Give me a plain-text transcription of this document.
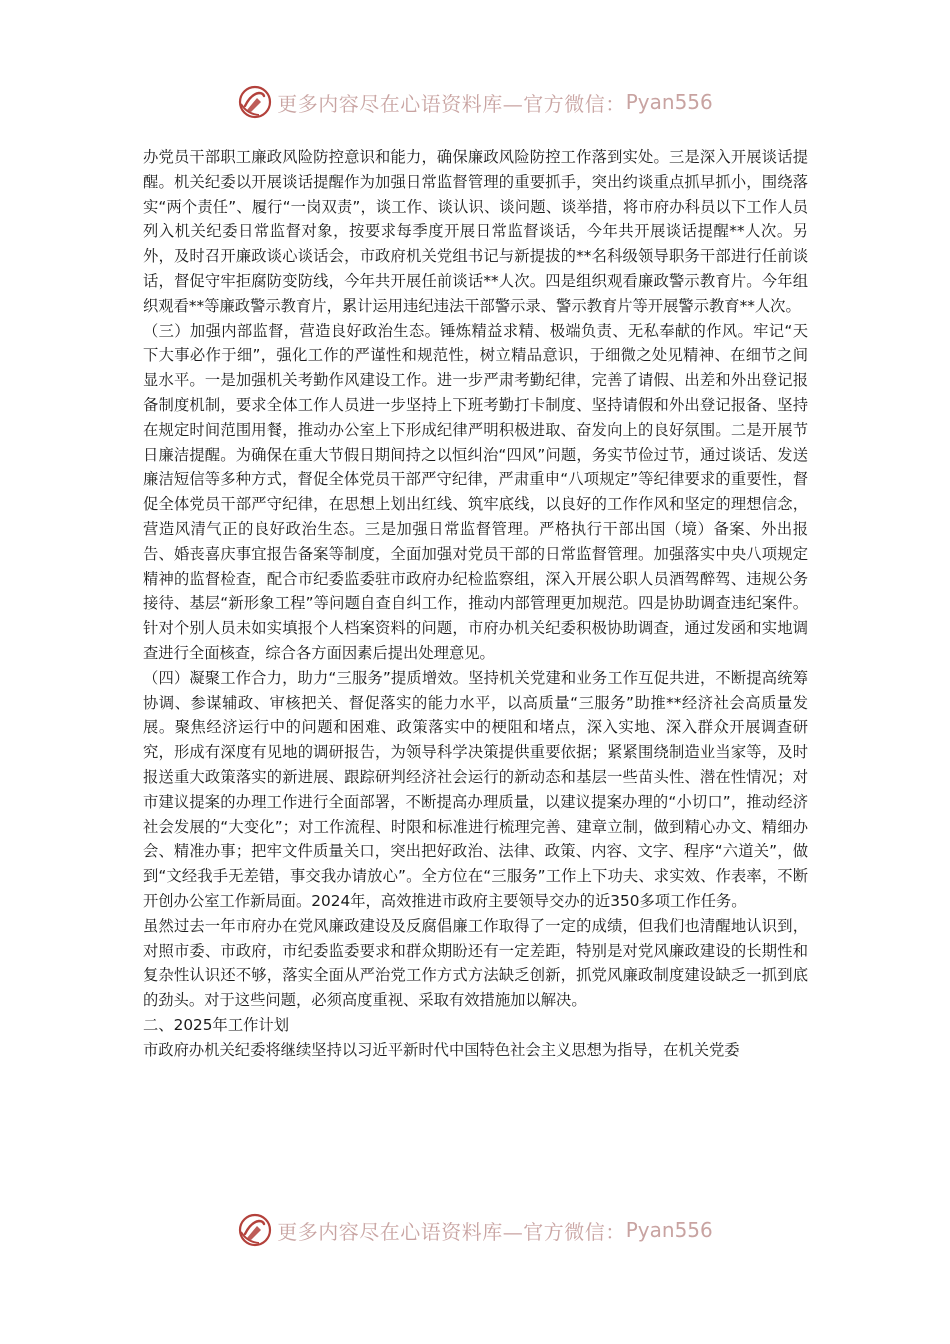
更多内容尽在心语资料库—官方微信： Pyan556

办党员干部职工廉政风险防控意识和能力，确保廉政风险防控工作落到实处。三是深入开展谈话提醒。机关纪委以开展谈话提醒作为加强日常监督管理的重要抓手，突出约谈重点抓早抓小，围绕落实“两个责任”、履行“一岗双责”，谈工作、谈认识、谈问题、谈举措，将市府办科员以下工作人员列入机关纪委日常监督对象，按要求每季度开展日常监督谈话，今年共开展谈话提醒**人次。另外，及时召开廉政谈心谈话会，市政府机关党组书记与新提拔的**名科级领导职务干部进行任前谈话，督促守牢拒腐防变防线，今年共开展任前谈话**人次。四是组织观看廉政警示教育片。今年组织观看**等廉政警示教育片，累计运用违纪违法干部警示录、警示教育片等开展警示教育**人次。

（三）加强内部监督，营造良好政治生态。锤炼精益求精、极端负责、无私奉献的作风。牢记“天下大事必作于细”，强化工作的严谨性和规范性，树立精品意识，于细微之处见精神、在细节之间显水平。一是加强机关考勤作风建设工作。进一步严肃考勤纪律，完善了请假、出差和外出登记报备制度机制，要求全体工作人员进一步坚持上下班考勤打卡制度、坚持请假和外出登记报备、坚持在规定时间范围用餐，推动办公室上下形成纪律严明积极进取、奋发向上的良好氛围。二是开展节日廉洁提醒。为确保在重大节假日期间持之以恒纠治“四风”问题，务实节俭过节，通过谈话、发送廉洁短信等多种方式，督促全体党员干部严守纪律，严肃重申“八项规定”等纪律要求的重要性，督促全体党员干部严守纪律，在思想上划出红线、筑牢底线，以良好的工作作风和坚定的理想信念，营造风清气正的良好政治生态。三是加强日常监督管理。严格执行干部出国（境）备案、外出报告、婚丧喜庆事宜报告备案等制度，全面加强对党员干部的日常监督管理。加强落实中央八项规定精神的监督检查，配合市纪委监委驻市政府办纪检监察组，深入开展公职人员酒驾醉驾、违规公务接待、基层“新形象工程”等问题自查自纠工作，推动内部管理更加规范。四是协助调查违纪案件。针对个别人员未如实填报个人档案资料的问题，市府办机关纪委积极协助调查，通过发函和实地调查进行全面核查，综合各方面因素后提出处理意见。

（四）凝聚工作合力，助力“三服务”提质增效。坚持机关党建和业务工作互促共进，不断提高统筹协调、参谋辅政、审核把关、督促落实的能力水平，以高质量“三服务”助推**经济社会高质量发展。聚焦经济运行中的问题和困难、政策落实中的梗阻和堵点，深入实地、深入群众开展调查研究，形成有深度有见地的调研报告，为领导科学决策提供重要依据；紧紧围绕制造业当家等，及时报送重大政策落实的新进展、跟踪研判经济社会运行的新动态和基层一些苗头性、潜在性情况；对市建议提案的办理工作进行全面部署，不断提高办理质量，以建议提案办理的“小切口”，推动经济社会发展的“大变化”；对工作流程、时限和标准进行梳理完善、建章立制，做到精心办文、精细办会、精准办事；把牢文件质量关口，突出把好政治、法律、政策、内容、文字、程序“六道关”，做到“文经我手无差错，事交我办请放心”。全方位在“三服务”工作上下功夫、求实效、作表率，不断开创办公室工作新局面。2024年，高效推进市政府主要领导交办的近350多项工作任务。

虽然过去一年市府办在党风廉政建设及反腐倡廉工作取得了一定的成绩，但我们也清醒地认识到，对照市委、市政府，市纪委监委要求和群众期盼还有一定差距，特别是对党风廉政建设的长期性和复杂性认识还不够，落实全面从严治党工作方式方法缺乏创新，抓党风廉政制度建设缺乏一抓到底的劲头。对于这些问题，必须高度重视、采取有效措施加以解决。

二、2025年工作计划

市政府办机关纪委将继续坚持以习近平新时代中国特色社会主义思想为指导，在机关党委

更多内容尽在心语资料库—官方微信： Pyan556
